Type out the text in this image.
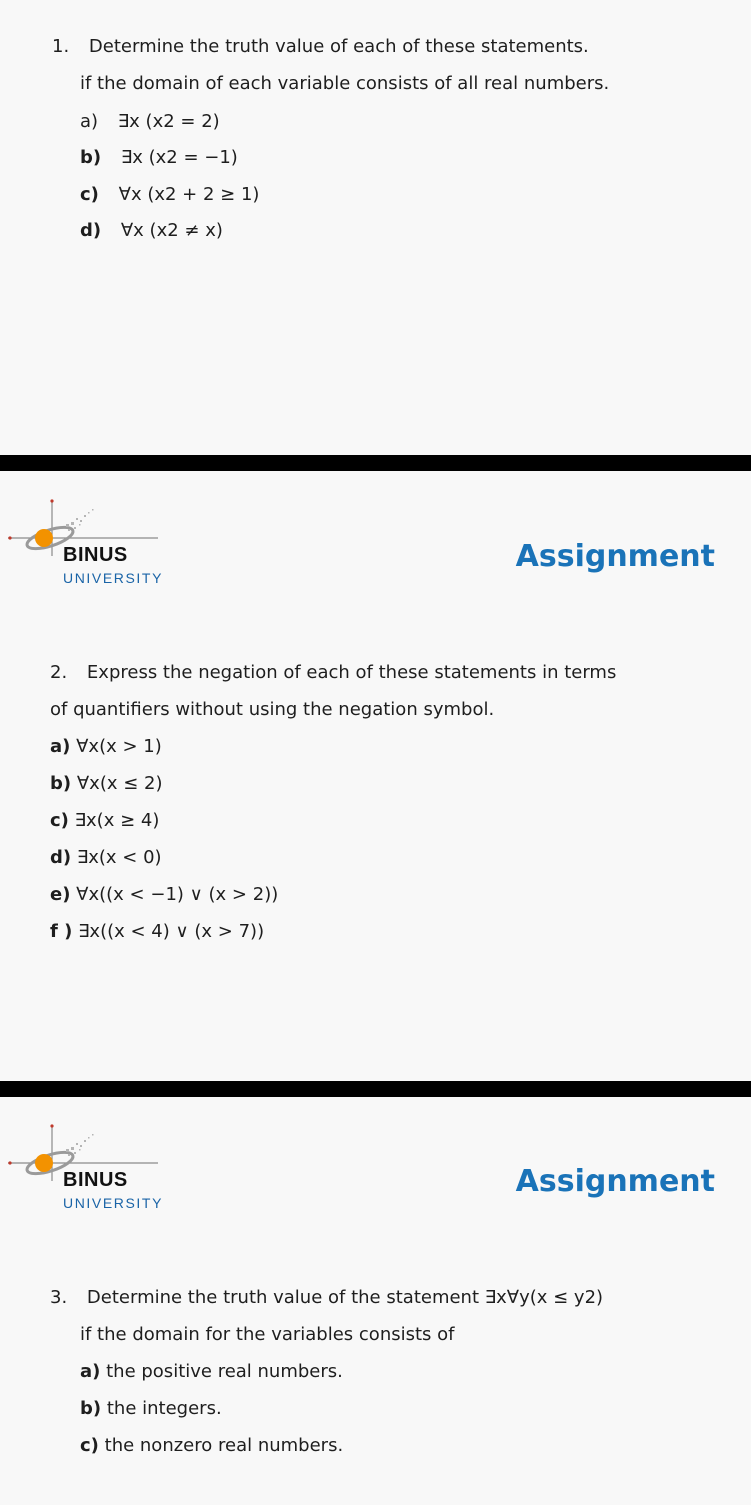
1. Determine the truth value of each of these statements.
if the domain of each variable consists of all real numbers.
a) ∃x (x2 = 2)
b) ∃x (x2 = −1)
c) ∀x (x2 + 2 ≥ 1)
d) ∀x (x2 ≠ x)
BINUS
UNIVERSITY
Assignment
2. Express the negation of each of these statements in terms
of quantifiers without using the negation symbol.
a) ∀x(x > 1)
b) ∀x(x ≤ 2)
c) ∃x(x ≥ 4)
d) ∃x(x < 0)
e) ∀x((x < −1) ∨ (x > 2))
f ) ∃x((x < 4) ∨ (x > 7))
BINUS
UNIVERSITY
Assignment
3. Determine the truth value of the statement ∃x∀y(x ≤ y2)
if the domain for the variables consists of
a) the positive real numbers.
b) the integers.
c) the nonzero real numbers.
